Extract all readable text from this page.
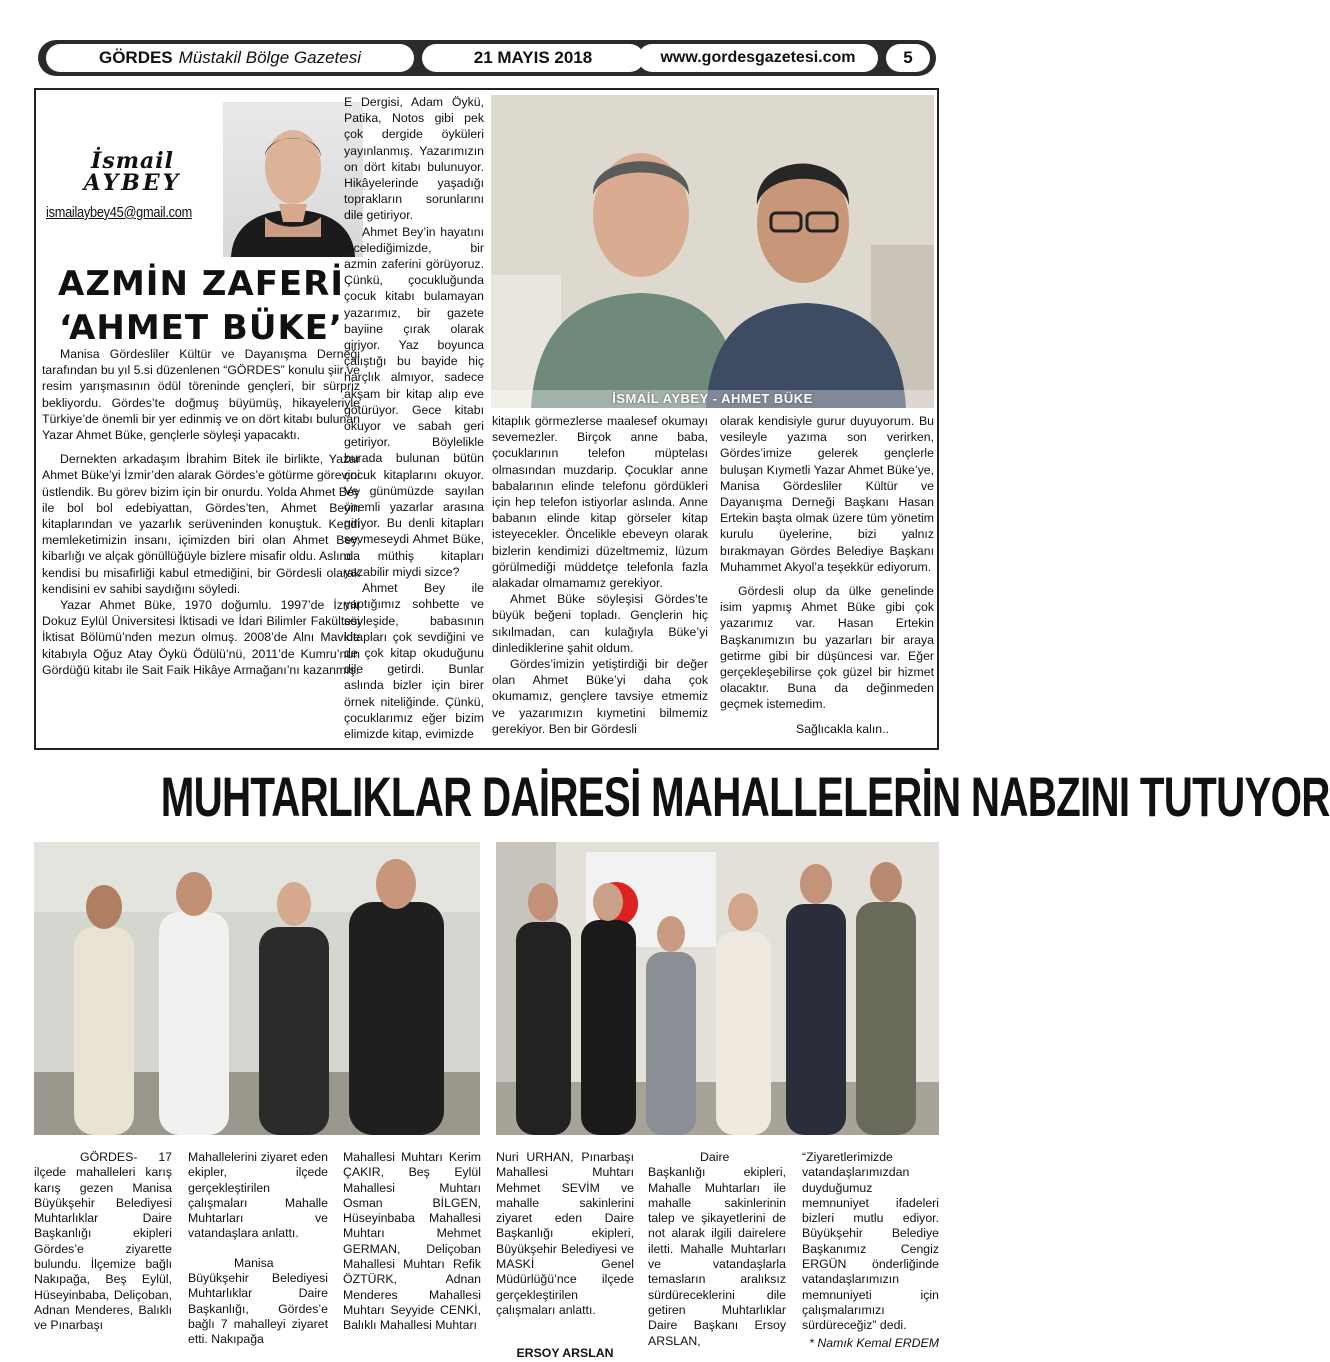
GÖRDES Müstakil Bölge Gazetesi	21 MAYIS 2018	www.gordesgazetesi.com	5
İsmail
AYBEY
ismailaybey45@gmail.com
AZMİN ZAFERİ
‘AHMET BÜKE’

Manisa Gördesliler Kültür ve Dayanışma Derneği tarafından bu yıl 5.si düzenlenen “GÖRDES” konulu şiir ve resim yarışmasının ödül töreninde gençleri, bir sürpriz bekliyordu. Gördes’te doğmuş büyümüş, hikayeleriyle Türkiye’de önemli bir yer edinmiş ve on dört kitabı bulunan Yazar Ahmet Büke, gençlerle söyleşi yapacaktı.

Dernekten arkadaşım İbrahim Bitek ile birlikte, Yazar Ahmet Büke’yi İzmir’den alarak Gördes’e götürme görevini üstlendik. Bu görev bizim için bir onurdu. Yolda Ahmet Bey ile bol bol edebiyattan, Gördes’ten, Ahmet Beyin kitaplarından ve yazarlık serüveninden konuştuk. Kendi memleketimizin insanı, içimizden biri olan Ahmet Bey, kibarlığı ve alçak gönüllüğüyle bizlere misafir oldu. Aslında kendisi bu misafirliği kabul etmediğini, bir Gördesli olarak kendisini ev sahibi saydığını söyledi.

Yazar Ahmet Büke, 1970 doğumlu. 1997’de İzmir Dokuz Eylül Üniversitesi İktisadi ve İdari Bilimler Fakültesi İktisat Bölümü’nden mezun olmuş. 2008’de Alnı Mavide kitabıyla Oğuz Atay Öykü Ödülü’nü, 2011’de Kumru’nun Gördüğü kitabı ile Sait Faik Hikâye Armağanı’nı kazanmış.

E Dergisi, Adam Öykü, Patika, Notos gibi pek çok dergide öyküleri yayınlanmış. Yazarımızın on dört kitabı bulunuyor. Hikâyelerinde yaşadığı toprakların sorunlarını dile getiriyor.

Ahmet Bey’in hayatını incelediğimizde, bir azmin zaferini görüyoruz. Çünkü, çocukluğunda çocuk kitabı bulamayan yazarımız, bir gazete bayiine çırak olarak giriyor. Yaz boyunca çalıştığı bu bayide hiç harçlık almıyor, sadece akşam bir kitap alıp eve götürüyor. Gece kitabı okuyor ve sabah geri getiriyor. Böylelikle burada bulunan bütün çocuk kitaplarını okuyor. Ve günümüzde sayılan önemli yazarlar arasına giriyor. Bu denli kitapları sevmeseydi Ahmet Büke, o müthiş kitapları yazabilir miydi sizce?

Ahmet Bey ile yaptığımız sohbette ve söyleşide, babasının kitapları çok sevdiğini ve de çok kitap okuduğunu dile getirdi. Bunlar aslında bizler için birer örnek niteliğinde. Çünkü, çocuklarımız eğer bizim elimizde kitap, evimizde

İSMAİL AYBEY - AHMET BÜKE

kitaplık görmezlerse maalesef okumayı sevemezler. Birçok anne baba, çocuklarının telefon müptelası olmasından muzdarip. Çocuklar anne babalarının elinde telefonu gördükleri için hep telefon istiyorlar aslında. Anne babanın elinde kitap görseler kitap isteyecekler. Öncelikle ebeveyn olarak bizlerin kendimizi düzeltmemiz, lüzum görülmediği müddetçe telefonla fazla alakadar olmamamız gerekiyor.

Ahmet Büke söyleşisi Gördes’te büyük beğeni topladı. Gençlerin hiç sıkılmadan, can kulağıyla Büke’yi dinlediklerine şahit oldum.

Gördes’imizin yetiştirdiği bir değer olan Ahmet Büke’yi daha çok okumamız, gençlere tavsiye etmemiz ve yazarımızın kıymetini bilmemiz gerekiyor. Ben bir Gördesli

olarak kendisiyle gurur duyuyorum. Bu vesileyle yazıma son verirken, Gördes’imize gelerek gençlerle buluşan Kıymetli Yazar Ahmet Büke’ye, Manisa Gördesliler Kültür ve Dayanışma Derneği Başkanı Hasan Ertekin başta olmak üzere tüm yönetim kurulu üyelerine, bizi yalnız bırakmayan Gördes Belediye Başkanı Muhammet Akyol’a teşekkür ediyorum.

Gördesli olup da ülke genelinde isim yapmış Ahmet Büke gibi çok yazarımız var. Hasan Ertekin Başkanımızın bu yazarları bir araya getirme gibi bir düşüncesi var. Eğer gerçekleşebilirse çok güzel bir hizmet olacaktır. Buna da değinmeden geçmek istemedim.

Sağlıcakla kalın..

MUHTARLIKLAR DAİRESİ MAHALLELERİN NABZINI TUTUYOR

GÖRDES- 17 ilçede mahalleleri karış karış gezen Manisa Büyükşehir Belediyesi Muhtarlıklar Daire Başkanlığı ekipleri Gördes’e ziyarette bulundu. İlçemize bağlı Nakıpağa, Beş Eylül, Hüseyinbaba, Deliçoban, Adnan Menderes, Balıklı ve Pınarbaşı

Mahallelerini ziyaret eden ekipler, ilçede gerçekleştirilen çalışmaları Mahalle Muhtarları ve vatandaşlara anlattı.

Manisa Büyükşehir Belediyesi Muhtarlıklar Daire Başkanlığı, Gördes’e bağlı 7 mahalleyi ziyaret etti. Nakıpağa

Mahallesi Muhtarı Kerim ÇAKIR, Beş Eylül Mahallesi Muhtarı Osman BİLGEN, Hüseyinbaba Mahallesi Muhtarı Mehmet GERMAN, Deliçoban Mahallesi Muhtarı Refik ÖZTÜRK, Adnan Menderes Mahallesi Muhtarı Seyyide CENKİ, Balıklı Mahallesi Muhtarı

Nuri URHAN, Pınarbaşı Mahallesi Muhtarı Mehmet SEVİM ve mahalle sakinlerini ziyaret eden Daire Başkanlığı ekipleri, Büyükşehir Belediyesi ve MASKİ Genel Müdürlüğü’nce ilçede gerçekleştirilen çalışmaları anlattı.

ERSOY ARSLAN

Daire Başkanlığı ekipleri, Mahalle Muhtarları ile mahalle sakinlerinin talep ve şikayetlerini de not alarak ilgili dairelere iletti. Mahalle Muhtarları ve vatandaşlarla temasların aralıksız sürdüreceklerini dile getiren Muhtarlıklar Daire Başkanı Ersoy ARSLAN,

“Ziyaretlerimizde vatandaşlarımızdan duyduğumuz memnuniyet ifadeleri bizleri mutlu ediyor. Büyükşehir Belediye Başkanımız Cengiz ERGÜN önderliğinde vatandaşlarımızın memnuniyeti için çalışmalarımızı sürdüreceğiz” dedi.

* Namık Kemal ERDEM
